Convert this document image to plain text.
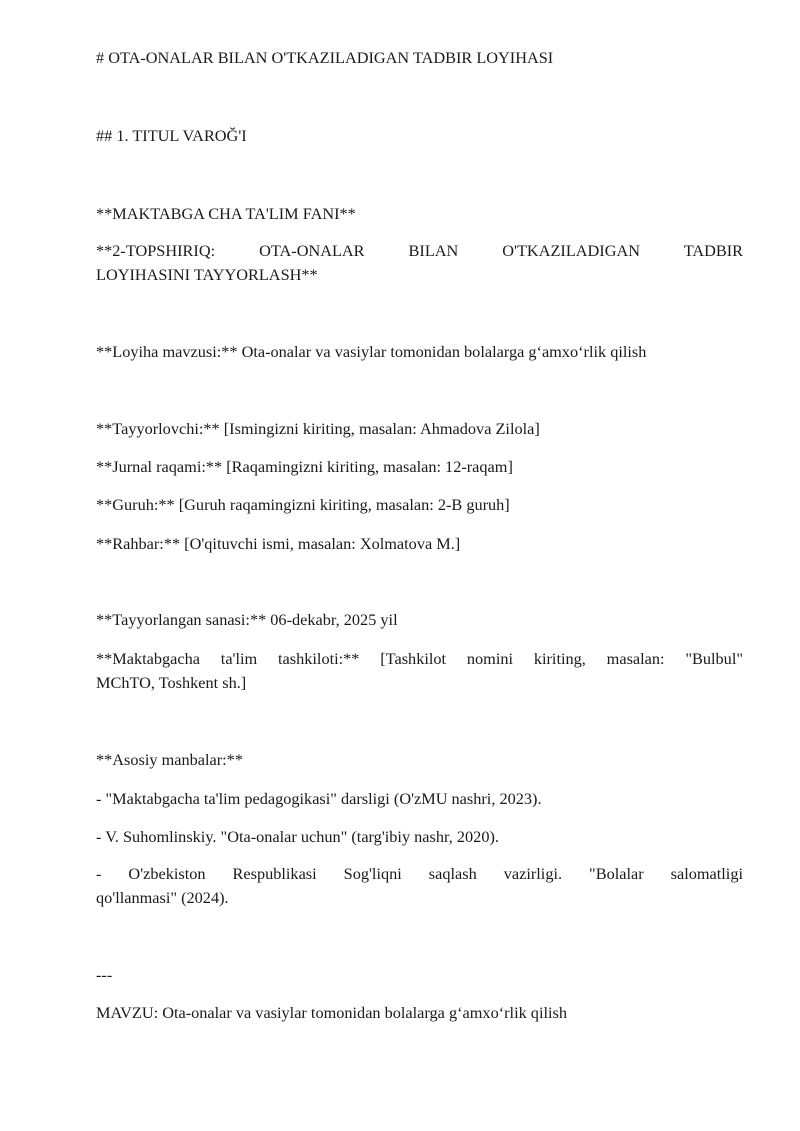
# OTA-ONALAR BILAN O'TKAZILADIGAN TADBIR LOYIHASI
## 1. TITUL VAROĞ'I
**MAKTABGA CHA TA'LIM FANI**
**2-TOPSHIRIQ: OTA-ONALAR BILAN O'TKAZILADIGAN TADBIR
LOYIHASINI TAYYORLASH**
**Loyiha mavzusi:** Ota-onalar va vasiylar tomonidan bolalarga g‘amxo‘rlik qilish
**Tayyorlovchi:** [Ismingizni kiriting, masalan: Ahmadova Zilola]
**Jurnal raqami:** [Raqamingizni kiriting, masalan: 12-raqam]
**Guruh:** [Guruh raqamingizni kiriting, masalan: 2-B guruh]
**Rahbar:** [O'qituvchi ismi, masalan: Xolmatova M.]
**Tayyorlangan sanasi:** 06-dekabr, 2025 yil
**Maktabgacha ta'lim tashkiloti:** [Tashkilot nomini kiriting, masalan: "Bulbul"
MChTO, Toshkent sh.]
**Asosiy manbalar:**
- "Maktabgacha ta'lim pedagogikasi" darsligi (O'zMU nashri, 2023).
- V. Suhomlinskiy. "Ota-onalar uchun" (targ'ibiy nashr, 2020).
- O'zbekiston Respublikasi Sog'liqni saqlash vazirligi. "Bolalar salomatligi
qo'llanmasi" (2024).
---
MAVZU: Ota-onalar va vasiylar tomonidan bolalarga g‘amxo‘rlik qilish
